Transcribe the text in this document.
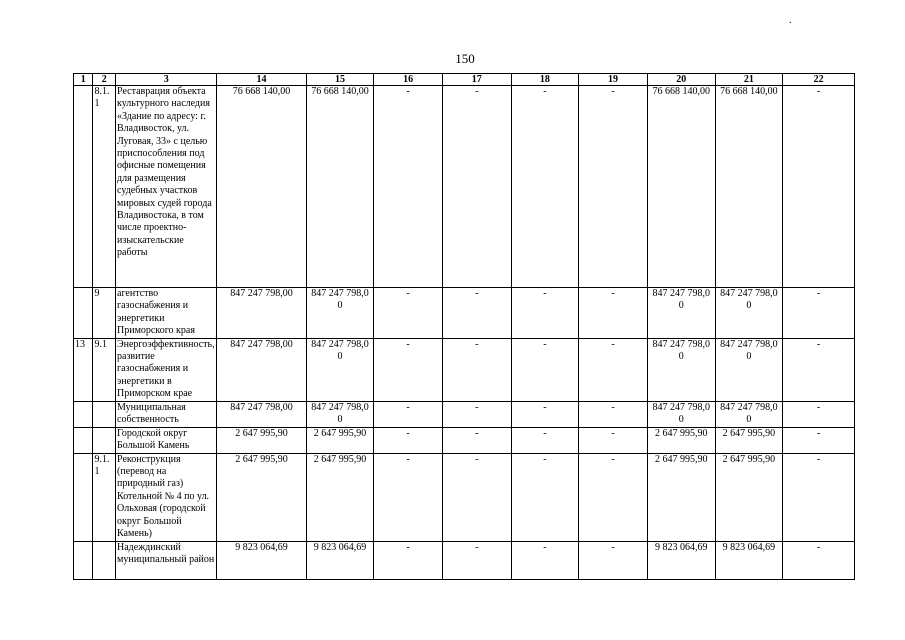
.
150
1	2	3	14	15	16	17	18	19	20	21	22
	8.1.1	Реставрация объекта культурного наследия «Здание по адресу: г. Владивосток, ул. Луговая, 33» с целью приспособления под офисные помещения для размещения судебных участков мировых судей города Владивостока, в том числе проектно-изыскательские работы	76 668 140,00	76 668 140,00	-	-	-	-	76 668 140,00	76 668 140,00	-
	9	агентство газоснабжения и энергетики Приморского края	847 247 798,00	847 247 798,0 0	-	-	-	-	847 247 798,0 0	847 247 798,0 0	-
13	9.1	Энергоэффективность, развитие газоснабжения и энергетики в Приморском крае	847 247 798,00	847 247 798,0 0	-	-	-	-	847 247 798,0 0	847 247 798,0 0	-
		Муниципальная собственность	847 247 798,00	847 247 798,0 0	-	-	-	-	847 247 798,0 0	847 247 798,0 0	-
		Городской округ Большой Камень	2 647 995,90	2 647 995,90	-	-	-	-	2 647 995,90	2 647 995,90	-
	9.1.1	Реконструкция (перевод на природный газ) Котельной № 4 по ул. Ольховая (городской округ Большой Камень)	2 647 995,90	2 647 995,90	-	-	-	-	2 647 995,90	2 647 995,90	-
		Надеждинский муниципальный район	9 823 064,69	9 823 064,69	-	-	-	-	9 823 064,69	9 823 064,69	-
